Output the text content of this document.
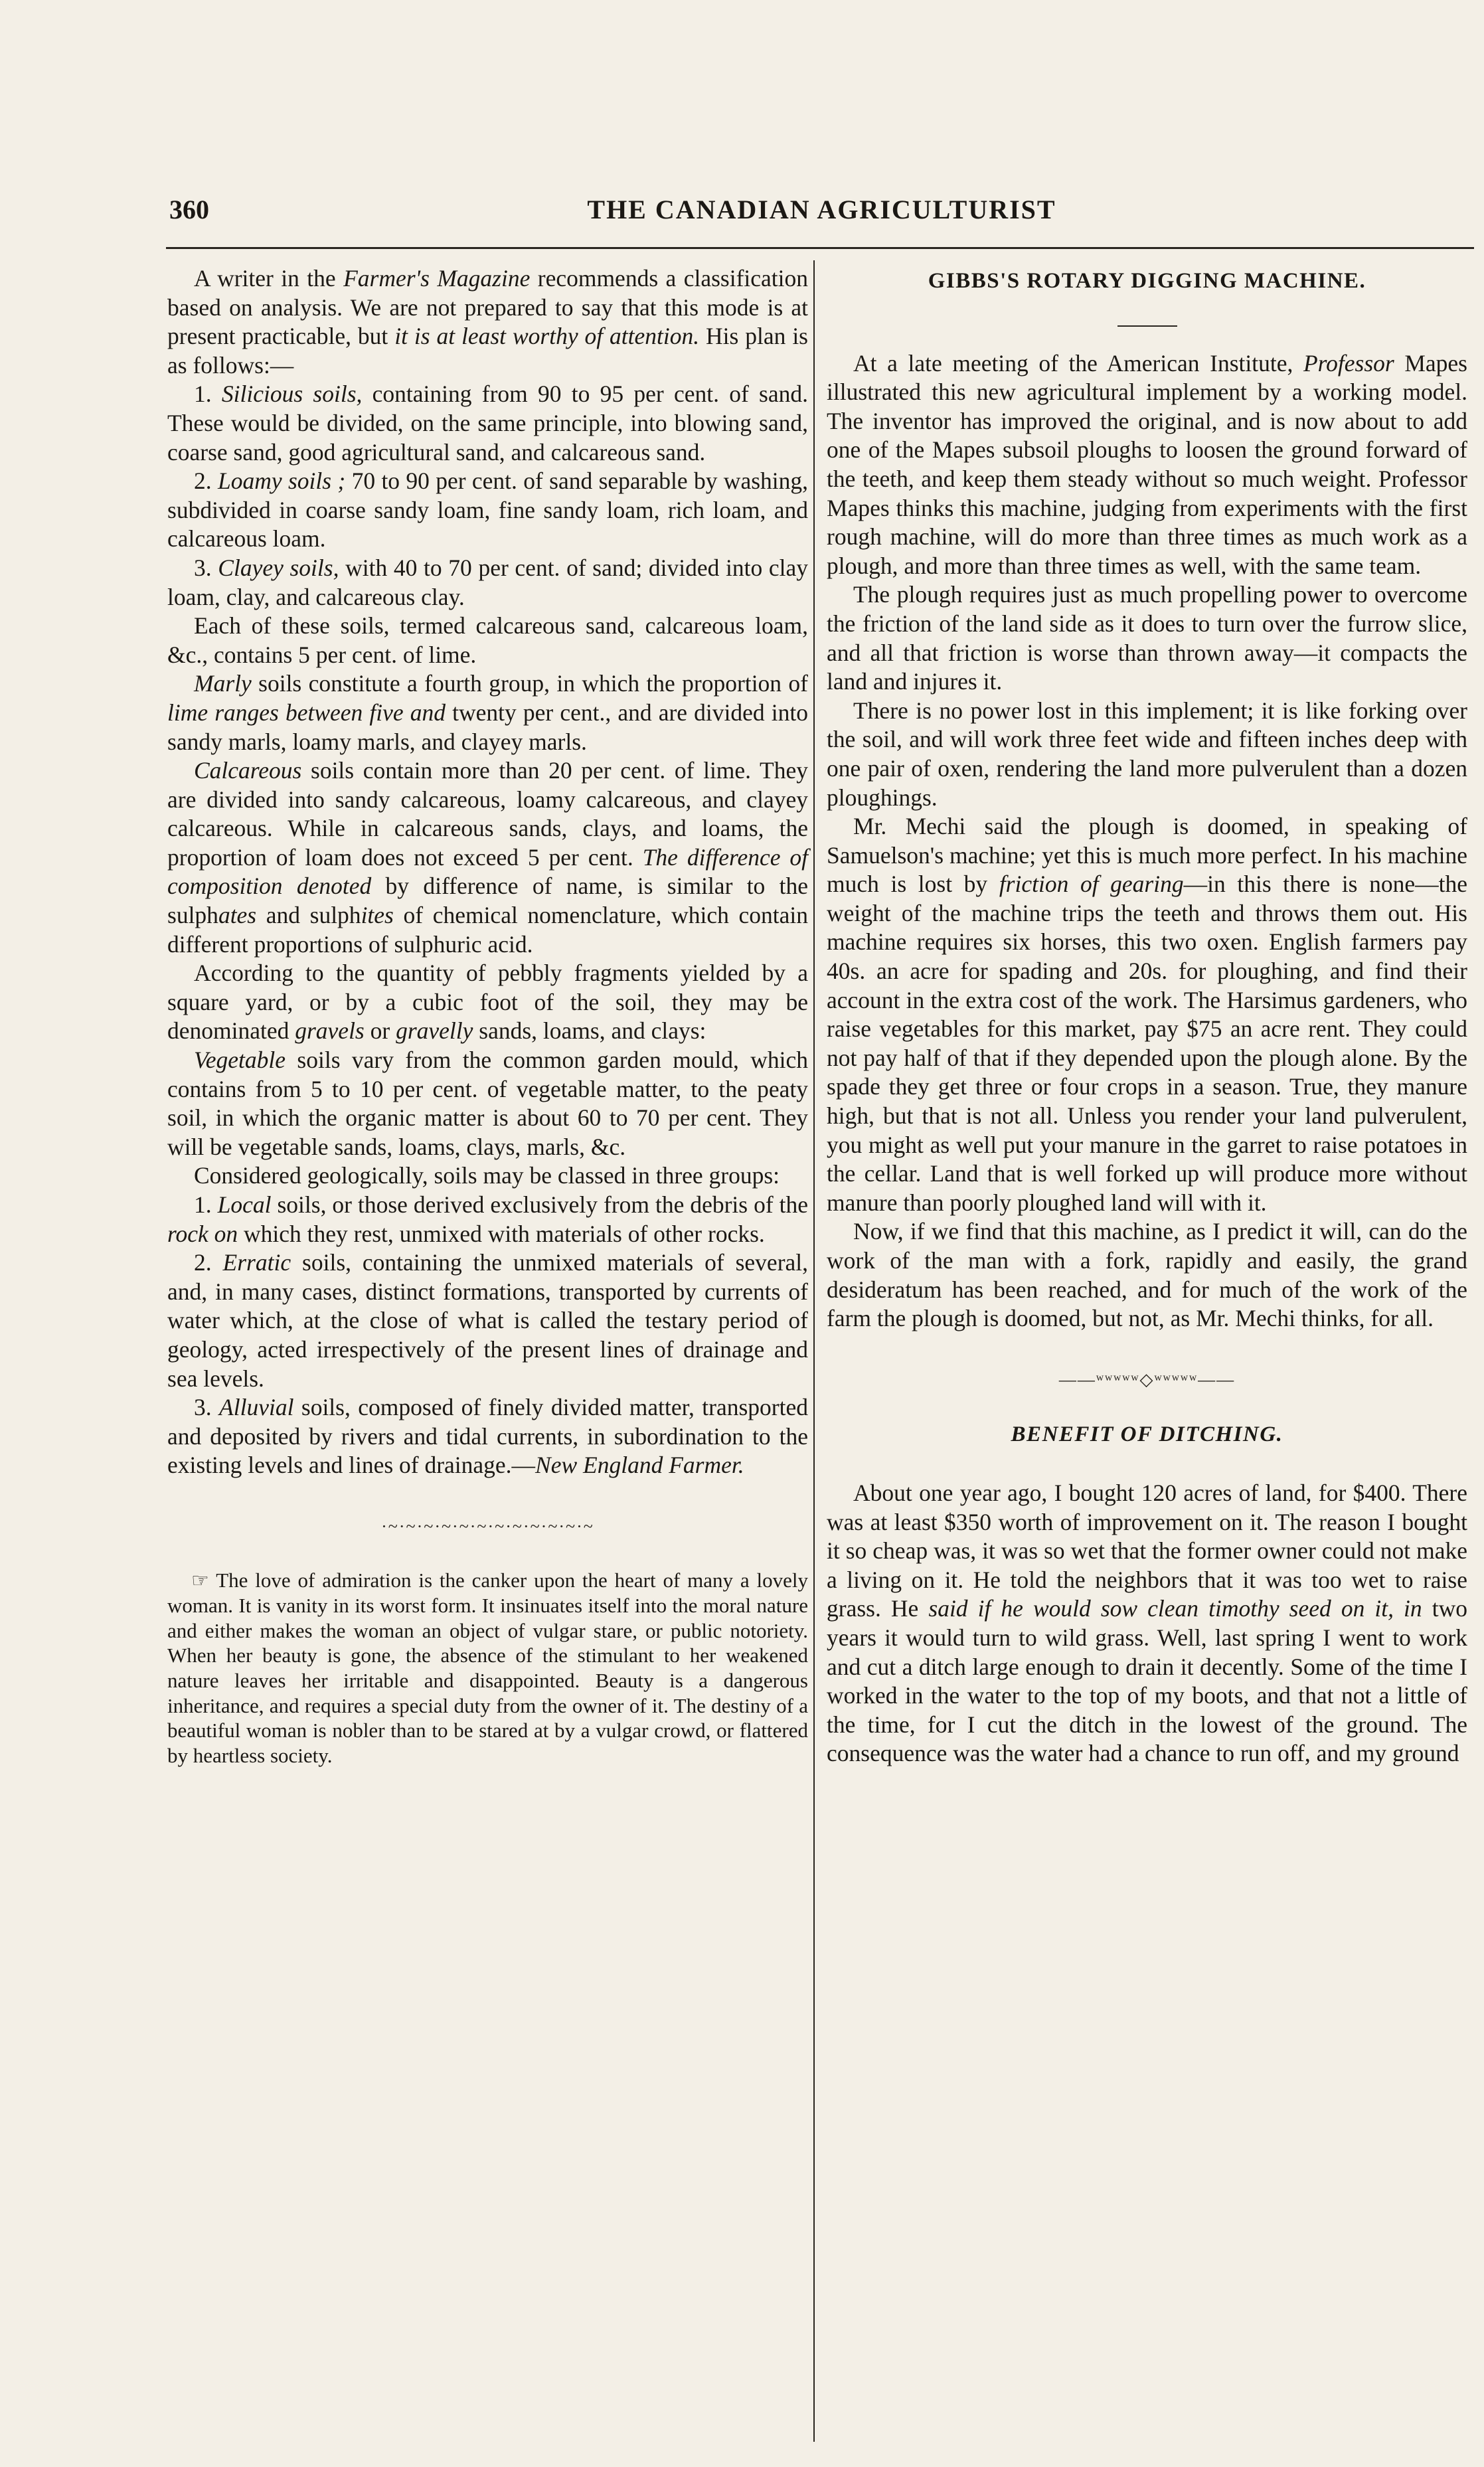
360	THE CANADIAN AGRICULTURIST

A writer in the Farmer's Magazine recommends a classification based on analysis. We are not prepared to say that this mode is at present practicable, but it is at least worthy of attention. His plan is as follows:—

1. Silicious soils, containing from 90 to 95 per cent. of sand. These would be divided, on the same principle, into blowing sand, coarse sand, good agricultural sand, and calcareous sand.

2. Loamy soils ; 70 to 90 per cent. of sand separable by washing, subdivided in coarse sandy loam, fine sandy loam, rich loam, and calcareous loam.

3. Clayey soils, with 40 to 70 per cent. of sand; divided into clay loam, clay, and calcareous clay.

Each of these soils, termed calcareous sand, calcareous loam, &c., contains 5 per cent. of lime.

Marly soils constitute a fourth group, in which the proportion of lime ranges between five and twenty per cent., and are divided into sandy marls, loamy marls, and clayey marls.

Calcareous soils contain more than 20 per cent. of lime. They are divided into sandy calcareous, loamy calcareous, and clayey calcareous. While in calcareous sands, clays, and loams, the proportion of loam does not exceed 5 per cent. The difference of composition denoted by difference of name, is similar to the sulphates and sulphites of chemical nomenclature, which contain different proportions of sulphuric acid.

According to the quantity of pebbly fragments yielded by a square yard, or by a cubic foot of the soil, they may be denominated gravels or gravelly sands, loams, and clays:

Vegetable soils vary from the common garden mould, which contains from 5 to 10 per cent. of vegetable matter, to the peaty soil, in which the organic matter is about 60 to 70 per cent. They will be vegetable sands, loams, clays, marls, &c.

Considered geologically, soils may be classed in three groups:

1. Local soils, or those derived exclusively from the debris of the rock on which they rest, unmixed with materials of other rocks.

2. Erratic soils, containing the unmixed materials of several, and, in many cases, distinct formations, transported by currents of water which, at the close of what is called the testary period of geology, acted irrespectively of the present lines of drainage and sea levels.

3. Alluvial soils, composed of finely divided matter, transported and deposited by rivers and tidal currents, in subordination to the existing levels and lines of drainage.—New England Farmer.

·~·~·~·~·~·~·~·~·~·~·~·~

☞ The love of admiration is the canker upon the heart of many a lovely woman. It is vanity in its worst form. It insinuates itself into the moral nature and either makes the woman an object of vulgar stare, or public notoriety. When her beauty is gone, the absence of the stimulant to her weakened nature leaves her irritable and disappointed. Beauty is a dangerous inheritance, and requires a special duty from the owner of it. The destiny of a beautiful woman is nobler than to be stared at by a vulgar crowd, or flattered by heartless society.

GIBBS'S ROTARY DIGGING MACHINE.

At a late meeting of the American Institute, Professor Mapes illustrated this new agricultural implement by a working model. The inventor has improved the original, and is now about to add one of the Mapes subsoil ploughs to loosen the ground forward of the teeth, and keep them steady without so much weight. Professor Mapes thinks this machine, judging from experiments with the first rough machine, will do more than three times as much work as a plough, and more than three times as well, with the same team.

The plough requires just as much propelling power to overcome the friction of the land side as it does to turn over the furrow slice, and all that friction is worse than thrown away—it compacts the land and injures it.

There is no power lost in this implement; it is like forking over the soil, and will work three feet wide and fifteen inches deep with one pair of oxen, rendering the land more pulverulent than a dozen ploughings.

Mr. Mechi said the plough is doomed, in speaking of Samuelson's machine; yet this is much more perfect. In his machine much is lost by friction of gearing—in this there is none—the weight of the machine trips the teeth and throws them out. His machine requires six horses, this two oxen. English farmers pay 40s. an acre for spading and 20s. for ploughing, and find their account in the extra cost of the work. The Harsimus gardeners, who raise vegetables for this market, pay $75 an acre rent. They could not pay half of that if they depended upon the plough alone. By the spade they get three or four crops in a season. True, they manure high, but that is not all. Unless you render your land pulverulent, you might as well put your manure in the garret to raise potatoes in the cellar. Land that is well forked up will produce more without manure than poorly ploughed land will with it.

Now, if we find that this machine, as I predict it will, can do the work of the man with a fork, rapidly and easily, the grand desideratum has been reached, and for much of the work of the farm the plough is doomed, but not, as Mr. Mechi thinks, for all.

——ʷʷʷʷʷ◇ʷʷʷʷʷ——
BENEFIT OF DITCHING.

About one year ago, I bought 120 acres of land, for $400. There was at least $350 worth of improvement on it. The reason I bought it so cheap was, it was so wet that the former owner could not make a living on it. He told the neighbors that it was too wet to raise grass. He said if he would sow clean timothy seed on it, in two years it would turn to wild grass. Well, last spring I went to work and cut a ditch large enough to drain it decently. Some of the time I worked in the water to the top of my boots, and that not a little of the time, for I cut the ditch in the lowest of the ground. The consequence was the water had a chance to run off, and my ground
